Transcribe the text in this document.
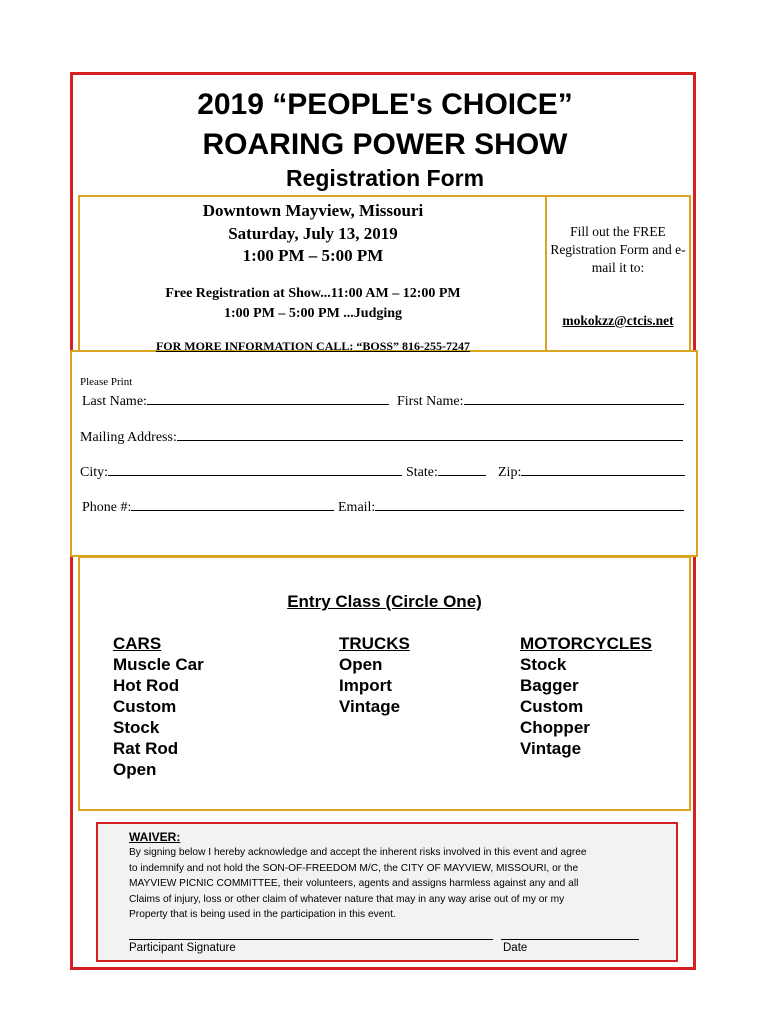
2019 “PEOPLE's CHOICE”
ROARING POWER SHOW
Registration Form
Downtown Mayview, Missouri
Saturday, July 13, 2019
1:00 PM – 5:00 PM
Free Registration at Show...11:00 AM – 12:00 PM
1:00 PM – 5:00 PM ...Judging
Fill out the FREE Registration Form and e-mail it to:
mokokzz@ctcis.net
FOR MORE INFORMATION CALL: “BOSS” 816-255-7247
Please Print
Last Name:	First Name:
Mailing Address:
City:	State:	Zip:
Phone #:	Email:
Entry Class (Circle One)
CARS
Muscle Car
Hot Rod
Custom
Stock
Rat Rod
Open
TRUCKS
Open
Import
Vintage
MOTORCYCLES
Stock
Bagger
Custom
Chopper
Vintage
WAIVER:
By signing below I hereby acknowledge and accept the inherent risks involved in this event and agree
to indemnify and not hold the SON-OF-FREEDOM M/C, the CITY OF MAYVIEW, MISSOURI, or the
MAYVIEW PICNIC COMMITTEE, their volunteers, agents and assigns harmless against any and all
Claims of injury, loss or other claim of whatever nature that may in any way arise out of my or my
Property that is being used in the participation in this event.
Participant Signature	Date
